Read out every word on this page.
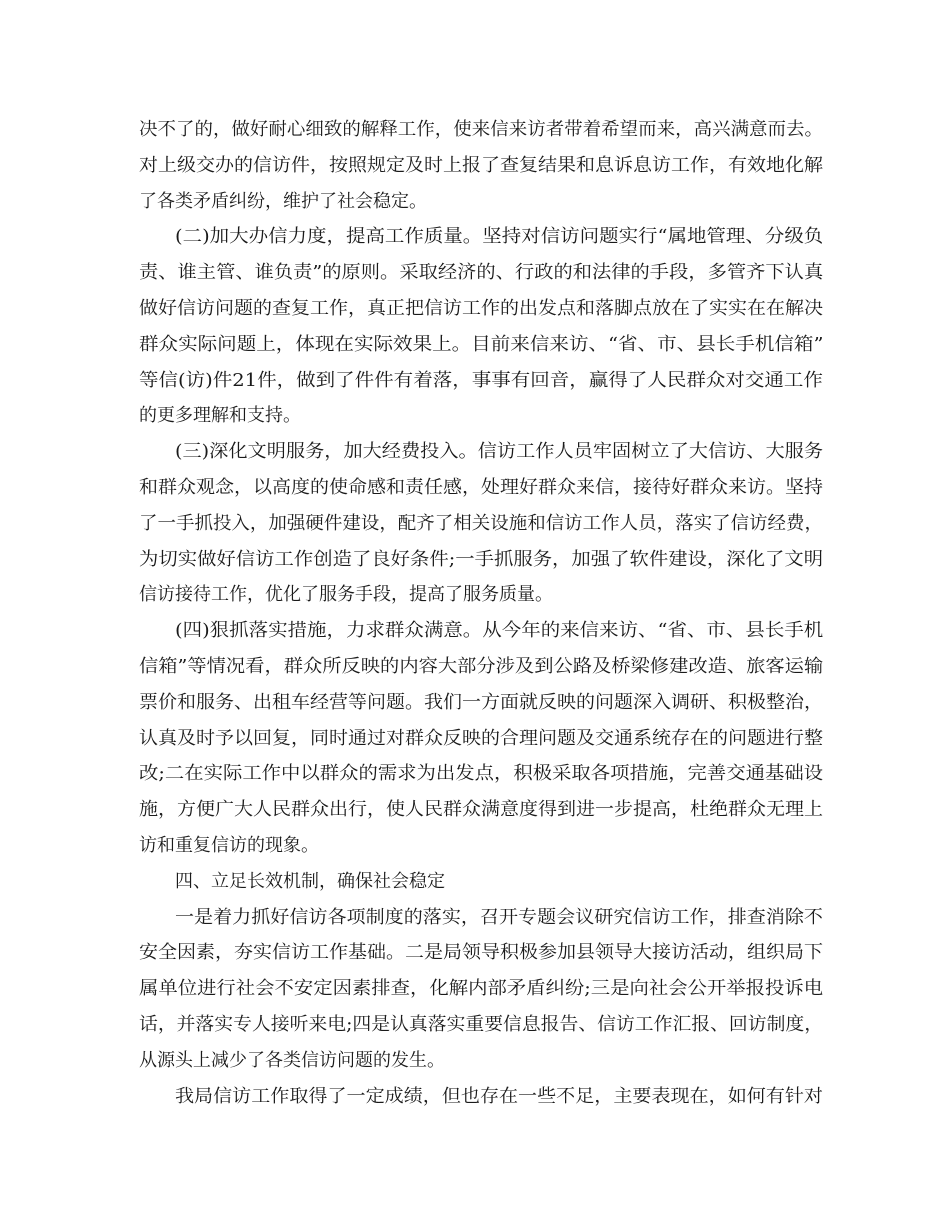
决不了的，做好耐心细致的解释工作，使来信来访者带着希望而来，高兴满意而去。
对上级交办的信访件，按照规定及时上报了查复结果和息诉息访工作，有效地化解
了各类矛盾纠纷，维护了社会稳定。
(二)加大办信力度，提高工作质量。坚持对信访问题实行“属地管理、分级负
责、谁主管、谁负责”的原则。采取经济的、行政的和法律的手段，多管齐下认真
做好信访问题的查复工作，真正把信访工作的出发点和落脚点放在了实实在在解决
群众实际问题上，体现在实际效果上。目前来信来访、“省、市、县长手机信箱”
等信(访)件21件，做到了件件有着落，事事有回音，赢得了人民群众对交通工作
的更多理解和支持。
(三)深化文明服务，加大经费投入。信访工作人员牢固树立了大信访、大服务
和群众观念，以高度的使命感和责任感，处理好群众来信，接待好群众来访。坚持
了一手抓投入，加强硬件建设，配齐了相关设施和信访工作人员，落实了信访经费，
为切实做好信访工作创造了良好条件;一手抓服务，加强了软件建设，深化了文明
信访接待工作，优化了服务手段，提高了服务质量。
(四)狠抓落实措施，力求群众满意。从今年的来信来访、“省、市、县长手机
信箱”等情况看，群众所反映的内容大部分涉及到公路及桥梁修建改造、旅客运输
票价和服务、出租车经营等问题。我们一方面就反映的问题深入调研、积极整治，
认真及时予以回复，同时通过对群众反映的合理问题及交通系统存在的问题进行整
改;二在实际工作中以群众的需求为出发点，积极采取各项措施，完善交通基础设
施，方便广大人民群众出行，使人民群众满意度得到进一步提高，杜绝群众无理上
访和重复信访的现象。
四、立足长效机制，确保社会稳定
一是着力抓好信访各项制度的落实，召开专题会议研究信访工作，排查消除不
安全因素，夯实信访工作基础。二是局领导积极参加县领导大接访活动，组织局下
属单位进行社会不安定因素排查，化解内部矛盾纠纷;三是向社会公开举报投诉电
话，并落实专人接听来电;四是认真落实重要信息报告、信访工作汇报、回访制度，
从源头上减少了各类信访问题的发生。
我局信访工作取得了一定成绩，但也存在一些不足，主要表现在，如何有针对
